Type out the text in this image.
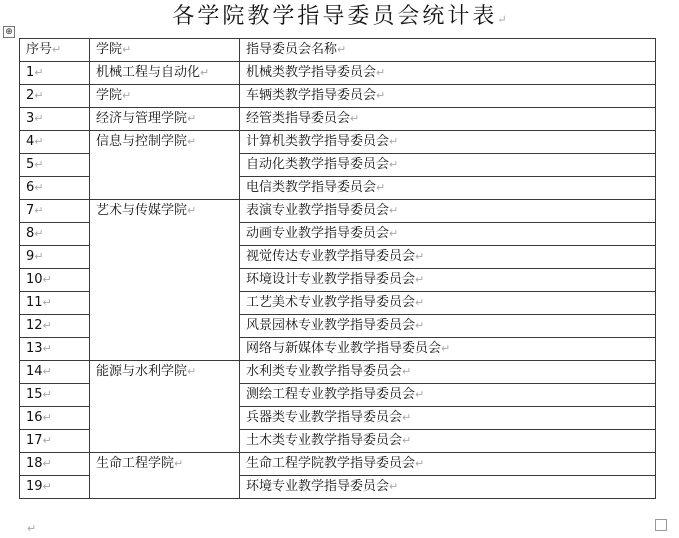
各学院教学指导委员会统计表↵
⊕
序号↵	学院↵	指导委员会名称↵
1↵	机械工程与自动化↵	机械类教学指导委员会↵
2↵	学院↵	车辆类教学指导委员会↵
3↵	经济与管理学院↵	经管类指导委员会↵
4↵	信息与控制学院↵	计算机类教学指导委员会↵
5↵		自动化类教学指导委员会↵
6↵		电信类教学指导委员会↵
7↵	艺术与传媒学院↵	表演专业教学指导委员会↵
8↵		动画专业教学指导委员会↵
9↵		视觉传达专业教学指导委员会↵
10↵		环境设计专业教学指导委员会↵
11↵		工艺美术专业教学指导委员会↵
12↵		风景园林专业教学指导委员会↵
13↵		网络与新媒体专业教学指导委员会↵
14↵	能源与水利学院↵	水利类专业教学指导委员会↵
15↵		测绘工程专业教学指导委员会↵
16↵		兵器类专业教学指导委员会↵
17↵		土木类专业教学指导委员会↵
18↵	生命工程学院↵	生命工程学院教学指导委员会↵
19↵		环境专业教学指导委员会↵
↵
